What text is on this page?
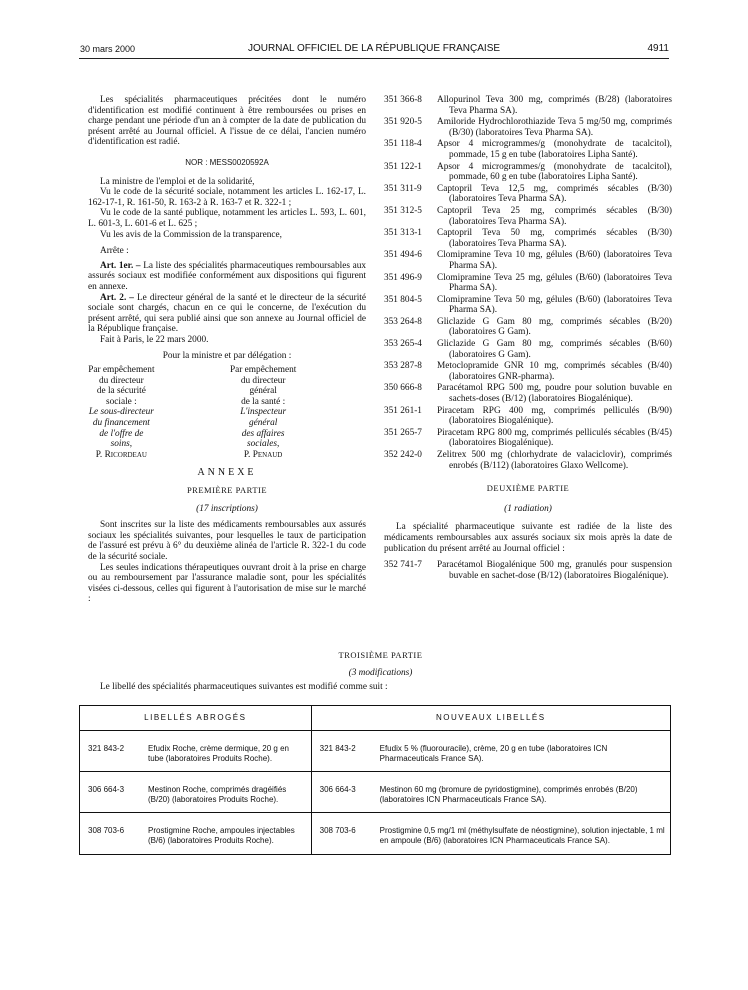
30 mars 2000	JOURNAL OFFICIEL DE LA RÉPUBLIQUE FRANÇAISE	4911

Les spécialités pharmaceutiques précitées dont le numéro d'identification est modifié continuent à être remboursées ou prises en charge pendant une période d'un an à compter de la date de publication du présent arrêté au Journal officiel. A l'issue de ce délai, l'ancien numéro d'identification est radié.

NOR : MESS0020592A

La ministre de l'emploi et de la solidarité,

Vu le code de la sécurité sociale, notamment les articles L. 162-17, L. 162-17-1, R. 161-50, R. 163-2 à R. 163-7 et R. 322-1 ;

Vu le code de la santé publique, notamment les articles L. 593, L. 601, L. 601-3, L. 601-6 et L. 625 ;

Vu les avis de la Commission de la transparence,

Arrête :

Art. 1er. – La liste des spécialités pharmaceutiques remboursables aux assurés sociaux est modifiée conformément aux dispositions qui figurent en annexe.

Art. 2. – Le directeur général de la santé et le directeur de la sécurité sociale sont chargés, chacun en ce qui le concerne, de l'exécution du présent arrêté, qui sera publié ainsi que son annexe au Journal officiel de la République française.

Fait à Paris, le 22 mars 2000.

Pour la ministre et par délégation :

Par empêchement
du directeur
de la sécurité sociale :
Le sous-directeur du financement
de l'offre de soins,
P. Ricordeau
Par empêchement
du directeur général
de la santé :
L'inspecteur général
des affaires sociales,
P. Penaud
ANNEXE
PREMIÈRE PARTIE
(17 inscriptions)

Sont inscrites sur la liste des médicaments remboursables aux assurés sociaux les spécialités suivantes, pour lesquelles le taux de participation de l'assuré est prévu à 6° du deuxième alinéa de l'article R. 322-1 du code de la sécurité sociale.

Les seules indications thérapeutiques ouvrant droit à la prise en charge ou au remboursement par l'assurance maladie sont, pour les spécialités visées ci-dessous, celles qui figurent à l'autorisation de mise sur le marché :

351 366-8	Allopurinol Teva 300 mg, comprimés (B/28) (laboratoires Teva Pharma SA).
351 920-5	Amiloride Hydrochlorothiazide Teva 5 mg/50 mg, comprimés (B/30) (laboratoires Teva Pharma SA).
351 118-4	Apsor 4 microgrammes/g (monohydrate de tacalcitol), pommade, 15 g en tube (laboratoires Lipha Santé).
351 122-1	Apsor 4 microgrammes/g (monohydrate de tacalcitol), pommade, 60 g en tube (laboratoires Lipha Santé).
351 311-9	Captopril Teva 12,5 mg, comprimés sécables (B/30) (laboratoires Teva Pharma SA).
351 312-5	Captopril Teva 25 mg, comprimés sécables (B/30) (laboratoires Teva Pharma SA).
351 313-1	Captopril Teva 50 mg, comprimés sécables (B/30) (laboratoires Teva Pharma SA).
351 494-6	Clomipramine Teva 10 mg, gélules (B/60) (laboratoires Teva Pharma SA).
351 496-9	Clomipramine Teva 25 mg, gélules (B/60) (laboratoires Teva Pharma SA).
351 804-5	Clomipramine Teva 50 mg, gélules (B/60) (laboratoires Teva Pharma SA).
353 264-8	Gliclazide G Gam 80 mg, comprimés sécables (B/20) (laboratoires G Gam).
353 265-4	Gliclazide G Gam 80 mg, comprimés sécables (B/60) (laboratoires G Gam).
353 287-8	Metoclopramide GNR 10 mg, comprimés sécables (B/40) (laboratoires GNR-pharma).
350 666-8	Paracétamol RPG 500 mg, poudre pour solution buvable en sachets-doses (B/12) (laboratoires Biogalénique).
351 261-1	Piracetam RPG 400 mg, comprimés pelliculés (B/90) (laboratoires Biogalénique).
351 265-7	Piracetam RPG 800 mg, comprimés pelliculés sécables (B/45) (laboratoires Biogalénique).
352 242-0	Zelitrex 500 mg (chlorhydrate de valaciclovir), comprimés enrobés (B/112) (laboratoires Glaxo Wellcome).
DEUXIÈME PARTIE
(1 radiation)

La spécialité pharmaceutique suivante est radiée de la liste des médicaments remboursables aux assurés sociaux six mois après la date de publication du présent arrêté au Journal officiel :

352 741-7	Paracétamol Biogalénique 500 mg, granulés pour suspension buvable en sachet-dose (B/12) (laboratoires Biogalénique).
TROISIÈME PARTIE
(3 modifications)

Le libellé des spécialités pharmaceutiques suivantes est modifié comme suit :

LIBELLÉS ABROGÉS		NOUVEAUX LIBELLÉS	
321 843-2	Efudix Roche, crème dermique, 20 g en tube (laboratoires Produits Roche).	321 843-2	Efudix 5 % (fluorouracile), crème, 20 g en tube (laboratoires ICN Pharmaceuticals France SA).
306 664-3	Mestinon Roche, comprimés dragéifiés (B/20) (laboratoires Produits Roche).	306 664-3	Mestinon 60 mg (bromure de pyridostigmine), comprimés enrobés (B/20) (laboratoires ICN Pharmaceuticals France SA).
308 703-6	Prostigmine Roche, ampoules injectables (B/6) (laboratoires Produits Roche).	308 703-6	Prostigmine 0,5 mg/1 ml (méthylsulfate de néostigmine), solution injectable, 1 ml en ampoule (B/6) (laboratoires ICN Pharmaceuticals France SA).
